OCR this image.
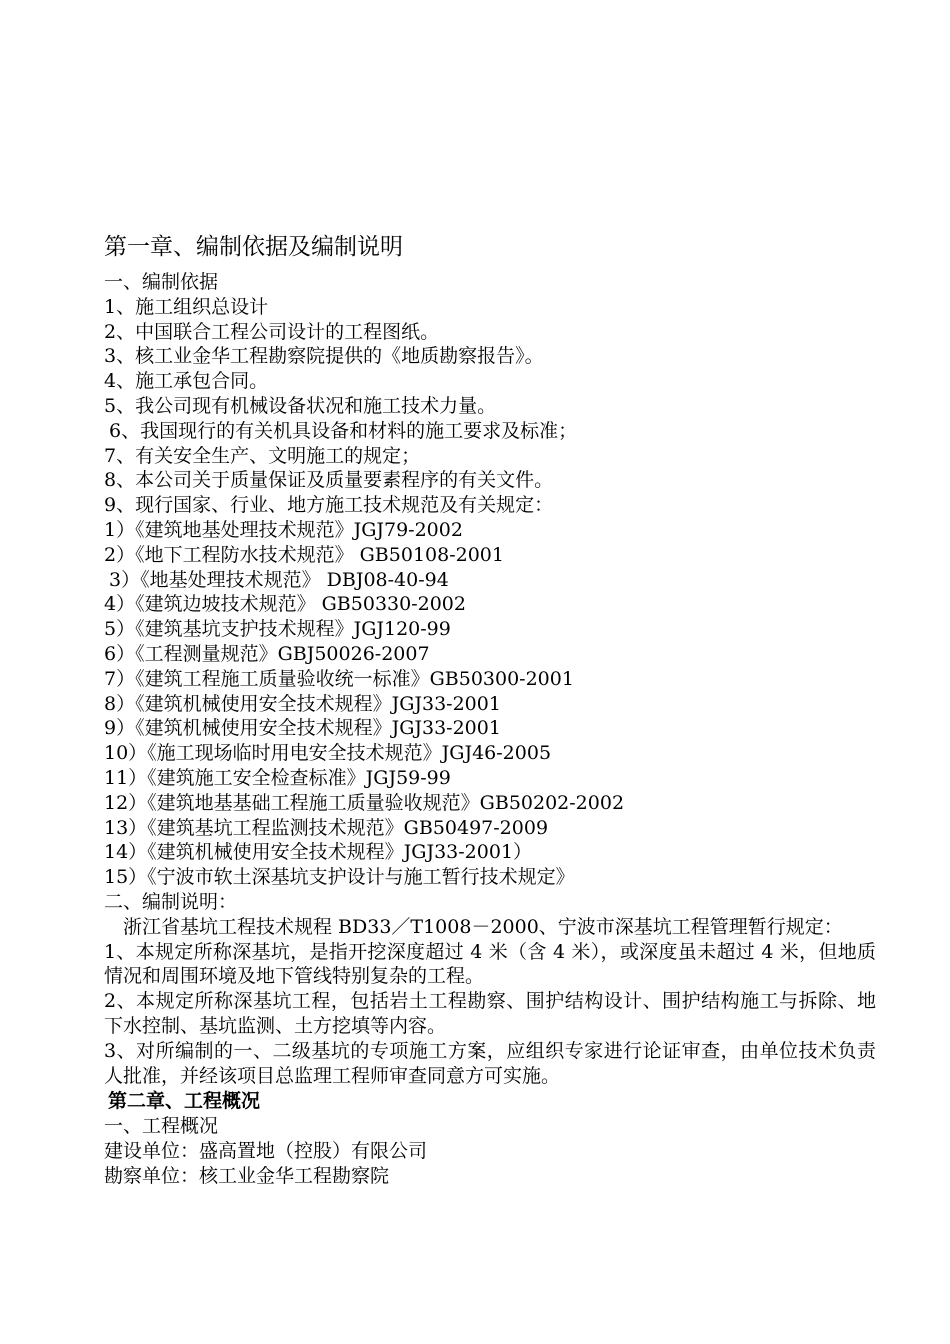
第一章、编制依据及编制说明
一、编制依据
1、施工组织总设计
2、中国联合工程公司设计的工程图纸。
3、核工业金华工程勘察院提供的《地质勘察报告》。
4、施工承包合同。
5、我公司现有机械设备状况和施工技术力量。
6、我国现行的有关机具设备和材料的施工要求及标准；
7、有关安全生产、文明施工的规定；
8、本公司关于质量保证及质量要素程序的有关文件。
9、现行国家、行业、地方施工技术规范及有关规定：
1）《建筑地基处理技术规范》JGJ79-2002
2）《地下工程防水技术规范》 GB50108-2001
3）《地基处理技术规范》 DBJ08-40-94
4）《建筑边坡技术规范》 GB50330-2002
5）《建筑基坑支护技术规程》JGJ120-99
6）《工程测量规范》GBJ50026-2007
7）《建筑工程施工质量验收统一标准》GB50300-2001
8）《建筑机械使用安全技术规程》JGJ33-2001
9）《建筑机械使用安全技术规程》JGJ33-2001
10）《施工现场临时用电安全技术规范》JGJ46-2005
11）《建筑施工安全检查标准》JGJ59-99
12）《建筑地基基础工程施工质量验收规范》GB50202-2002
13）《建筑基坑工程监测技术规范》GB50497-2009
14）《建筑机械使用安全技术规程》JGJ33-2001）
15）《宁波市软土深基坑支护设计与施工暂行技术规定》
二、编制说明：
浙江省基坑工程技术规程 BD33／T1008－2000、宁波市深基坑工程管理暂行规定：
1、本规定所称深基坑，是指开挖深度超过 4 米（含 4 米），或深度虽未超过 4 米，但地质情况和周围环境及地下管线特别复杂的工程。
2、本规定所称深基坑工程，包括岩土工程勘察、围护结构设计、围护结构施工与拆除、地下水控制、基坑监测、土方挖填等内容。
3、对所编制的一、二级基坑的专项施工方案，应组织专家进行论证审查，由单位技术负责人批准，并经该项目总监理工程师审查同意方可实施。
第二章、工程概况
一、工程概况
建设单位：盛高置地（控股）有限公司
勘察单位：核工业金华工程勘察院
